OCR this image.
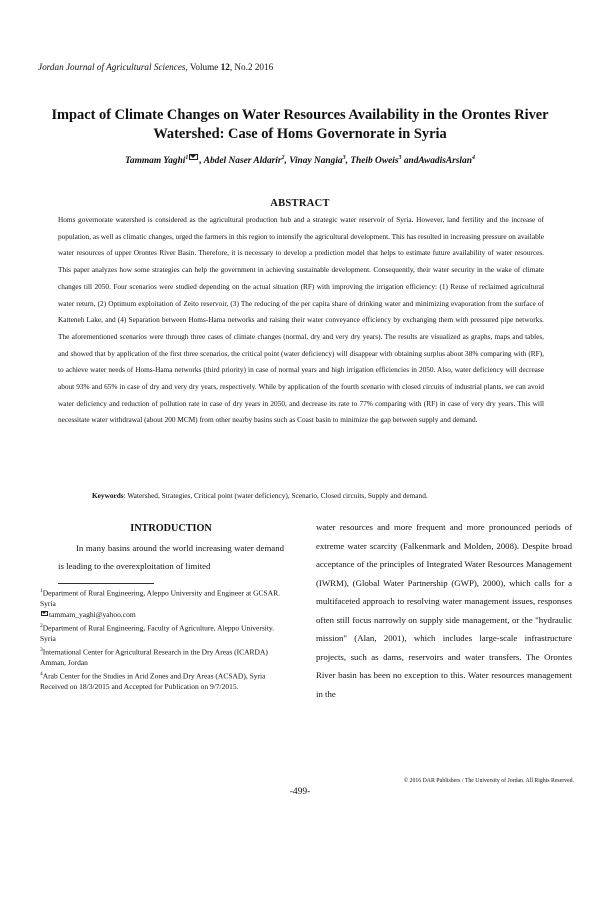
Jordan Journal of Agricultural Sciences, Volume 12, No.2 2016
Impact of Climate Changes on Water Resources Availability in the Orontes River Watershed: Case of Homs Governorate in Syria
Tammam Yaghi$^1$ , Abdel Naser Aldarir$^2$, Vinay Nangia$^3$, Theib Oweis$^3$ andAwadisArslan$^4$
ABSTRACT
Homs governorate watershed is considered as the agricultural production hub and a strategic water reservoir of Syria. However, land fertility and the increase of population, as well as climatic changes, urged the farmers in this region to intensify the agricultural development. This has resulted in increasing pressure on available water resources of upper Orontes River Basin. Therefore, it is necessary to develop a prediction model that helps to estimate future availability of water resources. This paper analyzes how some strategies can help the government in achieving sustainable development. Consequently, their water security in the wake of climate changes till 2050. Four scenarios were studied depending on the actual situation (RF) with improving the irrigation efficiency: (1) Reuse of reclaimed agricultural water return, (2) Optimum exploitation of Zeito reservoir, (3) The reducing of the per capita share of drinking water and minimizing evaporation from the surface of Katteneh Lake, and (4) Separation between Homs-Hama networks and raising their water conveyance efficiency by exchanging them with pressured pipe networks. The aforementioned scenarios were through three cases of climate changes (normal, dry and very dry years). The results are visualized as graphs, maps and tables, and showed that by application of the first three scenarios, the critical point (water deficiency) will disappear with obtaining surplus about 38% comparing with (RF), to achieve water needs of Homs-Hama networks (third priority) in case of normal years and high irrigation efficiencies in 2050. Also, water deficiency will decrease about 93% and 65% in case of dry and very dry years, respectively. While by application of the fourth scenario with closed circuits of industrial plants, we can avoid water deficiency and reduction of pollution rate in case of dry years in 2050, and decrease its rate to 77% comparing with (RF) in case of very dry years. This will necessitate water withdrawal (about 200 MCM) from other nearby basins such as Coast basin to minimize the gap between supply and demand.
Keywords: Watershed, Strategies, Critical point (water deficiency), Scenario, Closed circuits, Supply and demand.
INTRODUCTION

In many basins around the world increasing water demand is leading to the overexploitation of limited

$^1$Department of Rural Engineering, Aleppo University and Engineer at GCSAR. Syria

tammam_yaghi@yahoo.com

$^2$Department of Rural Engineering, Faculty of Agriculture, Aleppo University. Syria

$^3$International Center for Agricultural Research in the Dry Areas (ICARDA) Amman, Jordan

$^4$Arab Center for the Studies in Arid Zones and Dry Areas (ACSAD), Syria

Received on 18/3/2015 and Accepted for Publication on 9/7/2015.

water resources and more frequent and more pronounced periods of extreme water scarcity (Falkenmark and Molden, 2008). Despite broad acceptance of the principles of Integrated Water Resources Management (IWRM), (Global Water Partnership (GWP), 2000), which calls for a multifaceted approach to resolving water management issues, responses often still focus narrowly on supply side management, or the "hydraulic mission" (Alan, 2001), which includes large-scale infrastructure projects, such as dams, reservoirs and water transfers. The Orontes River basin has been no exception to this. Water resources management in the

© 2016 DAR Publishers / The University of Jordan. All Rights Reserved.
-499-
